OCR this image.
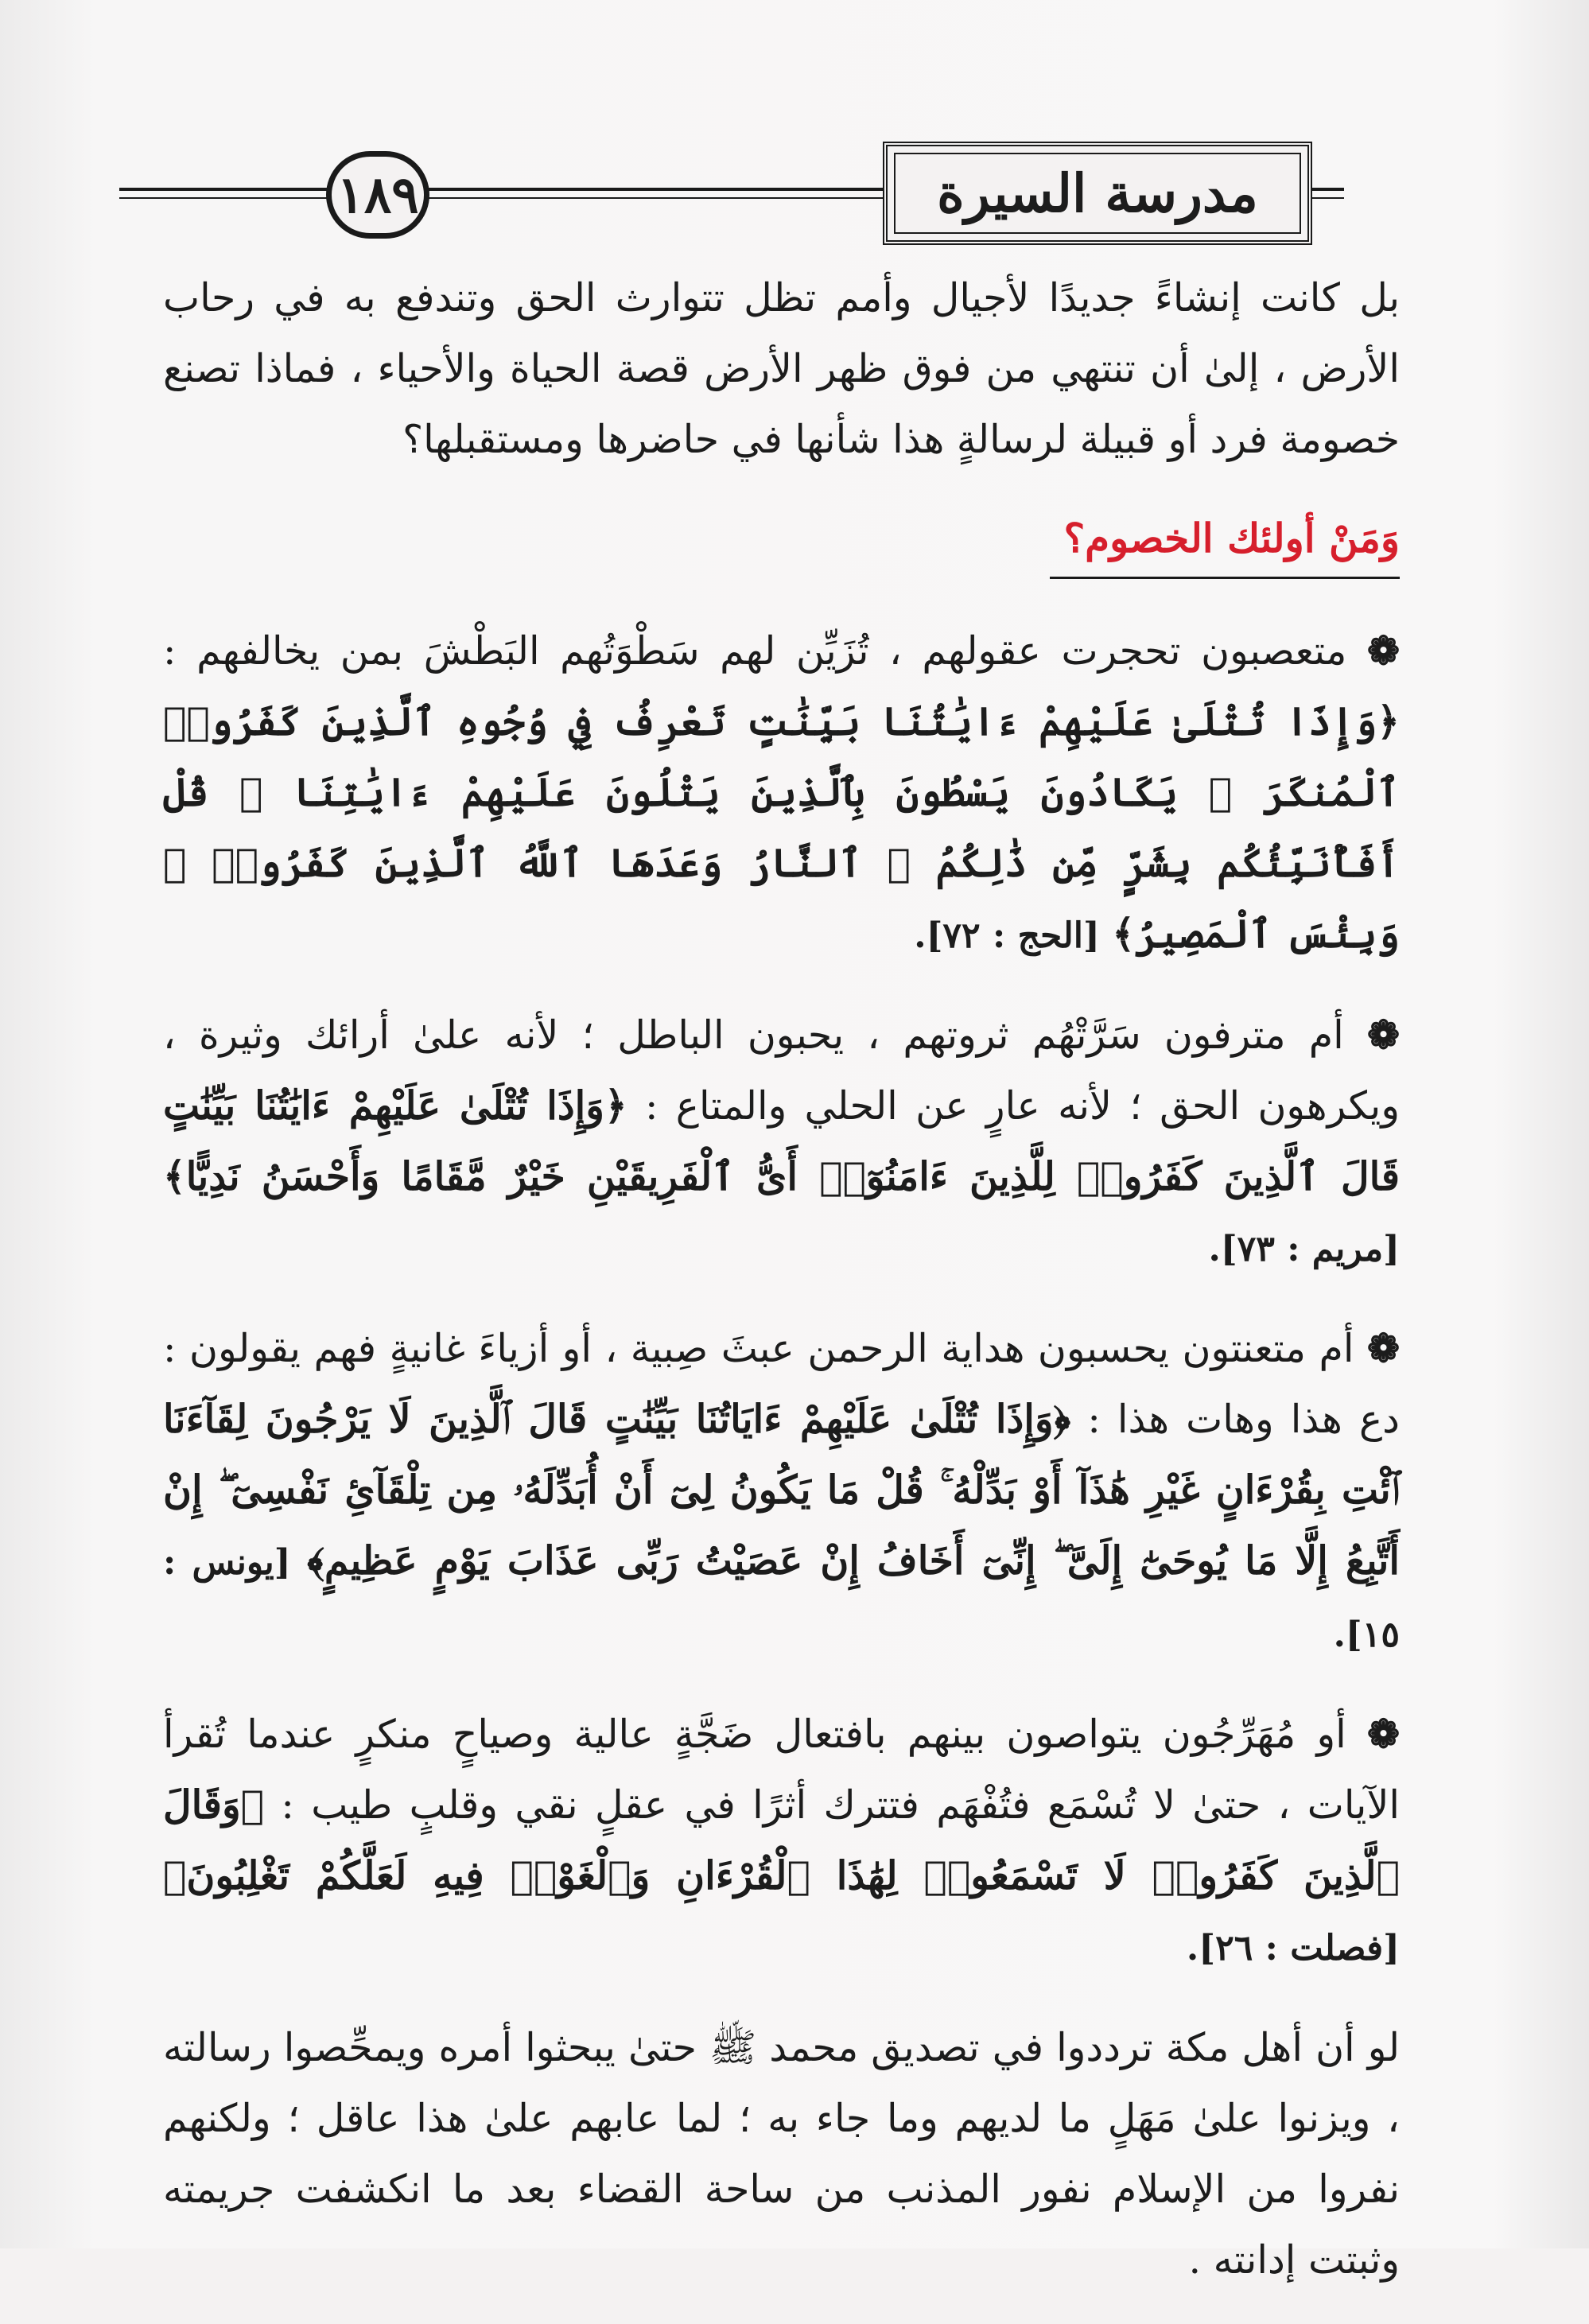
١٨٩	مدرسة السيرة

بل كانت إنشاءً جديدًا لأجيال وأمم تظل تتوارث الحق وتندفع به في رحاب الأرض ، إلىٰ أن تنتهي من فوق ظهر الأرض قصة الحياة والأحياء ، فماذا تصنع خصومة فرد أو قبيلة لرسالةٍ هذا شأنها في حاضرها ومستقبلها؟

وَمَنْ أولئك الخصوم؟

❁ متعصبون تحجرت عقولهم ، تُزَيِّن لهم سَطْوَتُهم البَطْشَ بمن يخالفهم : ﴿وَإِذَا تُتْلَىٰ عَلَيْهِمْ ءَايَٰتُنَا بَيِّنَٰتٍ تَعْرِفُ فِي وُجُوهِ ٱلَّذِينَ كَفَرُوا۟ ٱلْمُنكَرَ ۖ يَكَادُونَ يَسْطُونَ بِٱلَّذِينَ يَتْلُونَ عَلَيْهِمْ ءَايَٰتِنَا ۗ قُلْ أَفَأُنَبِّئُكُم بِشَرٍّ مِّن ذَٰلِكُمُ ۗ ٱلنَّارُ وَعَدَهَا ٱللَّهُ ٱلَّذِينَ كَفَرُوا۟ ۖ وَبِئْسَ ٱلْمَصِيرُ﴾ [الحج : ٧٢].

❁ أم مترفون سَرَّتْهُم ثروتهم ، يحبون الباطل ؛ لأنه علىٰ أرائك وثيرة ، ويكرهون الحق ؛ لأنه عارٍ عن الحلي والمتاع : ﴿وَإِذَا تُتْلَىٰ عَلَيْهِمْ ءَايَٰتُنَا بَيِّنَٰتٍ قَالَ ٱلَّذِينَ كَفَرُوا۟ لِلَّذِينَ ءَامَنُوٓا۟ أَىُّ ٱلْفَرِيقَيْنِ خَيْرٌ مَّقَامًا وَأَحْسَنُ نَدِيًّا﴾ [مريم : ٧٣].

❁ أم متعنتون يحسبون هداية الرحمن عبثَ صِبية ، أو أزياءَ غانيةٍ فهم يقولون : دع هذا وهات هذا : ﴿وَإِذَا تُتْلَىٰ عَلَيْهِمْ ءَايَاتُنَا بَيِّنَٰتٍ قَالَ ٱلَّذِينَ لَا يَرْجُونَ لِقَآءَنَا ٱئْتِ بِقُرْءَانٍ غَيْرِ هَٰذَآ أَوْ بَدِّلْهُ ۚ قُلْ مَا يَكُونُ لِىٓ أَنْ أُبَدِّلَهُۥ مِن تِلْقَآئِ نَفْسِىٓ ۖ إِنْ أَتَّبِعُ إِلَّا مَا يُوحَىٰٓ إِلَىَّ ۖ إِنِّىٓ أَخَافُ إِنْ عَصَيْتُ رَبِّى عَذَابَ يَوْمٍ عَظِيمٍ﴾ [يونس : ١٥].

❁ أو مُهَرِّجُون يتواصون بينهم بافتعال ضَجَّةٍ عالية وصياحٍ منكرٍ عندما تُقرأ الآيات ، حتىٰ لا تُسْمَع فتُفْهَم فتترك أثرًا في عقلٍ نقي وقلبٍ طيب : ﴿وَقَالَ ٱلَّذِينَ كَفَرُوا۟ لَا تَسْمَعُوا۟ لِهَٰذَا ٱلْقُرْءَانِ وَٱلْغَوْا۟ فِيهِ لَعَلَّكُمْ تَغْلِبُونَ﴾ [فصلت : ٢٦].

لو أن أهل مكة ترددوا في تصديق محمد ﷺ حتىٰ يبحثوا أمره ويمحِّصوا رسالته ، ويزنوا علىٰ مَهَلٍ ما لديهم وما جاء به ؛ لما عابهم علىٰ هذا عاقل ؛ ولكنهم نفروا من الإسلام نفور المذنب من ساحة القضاء بعد ما انكشفت جريمته وثبتت إدانته .
